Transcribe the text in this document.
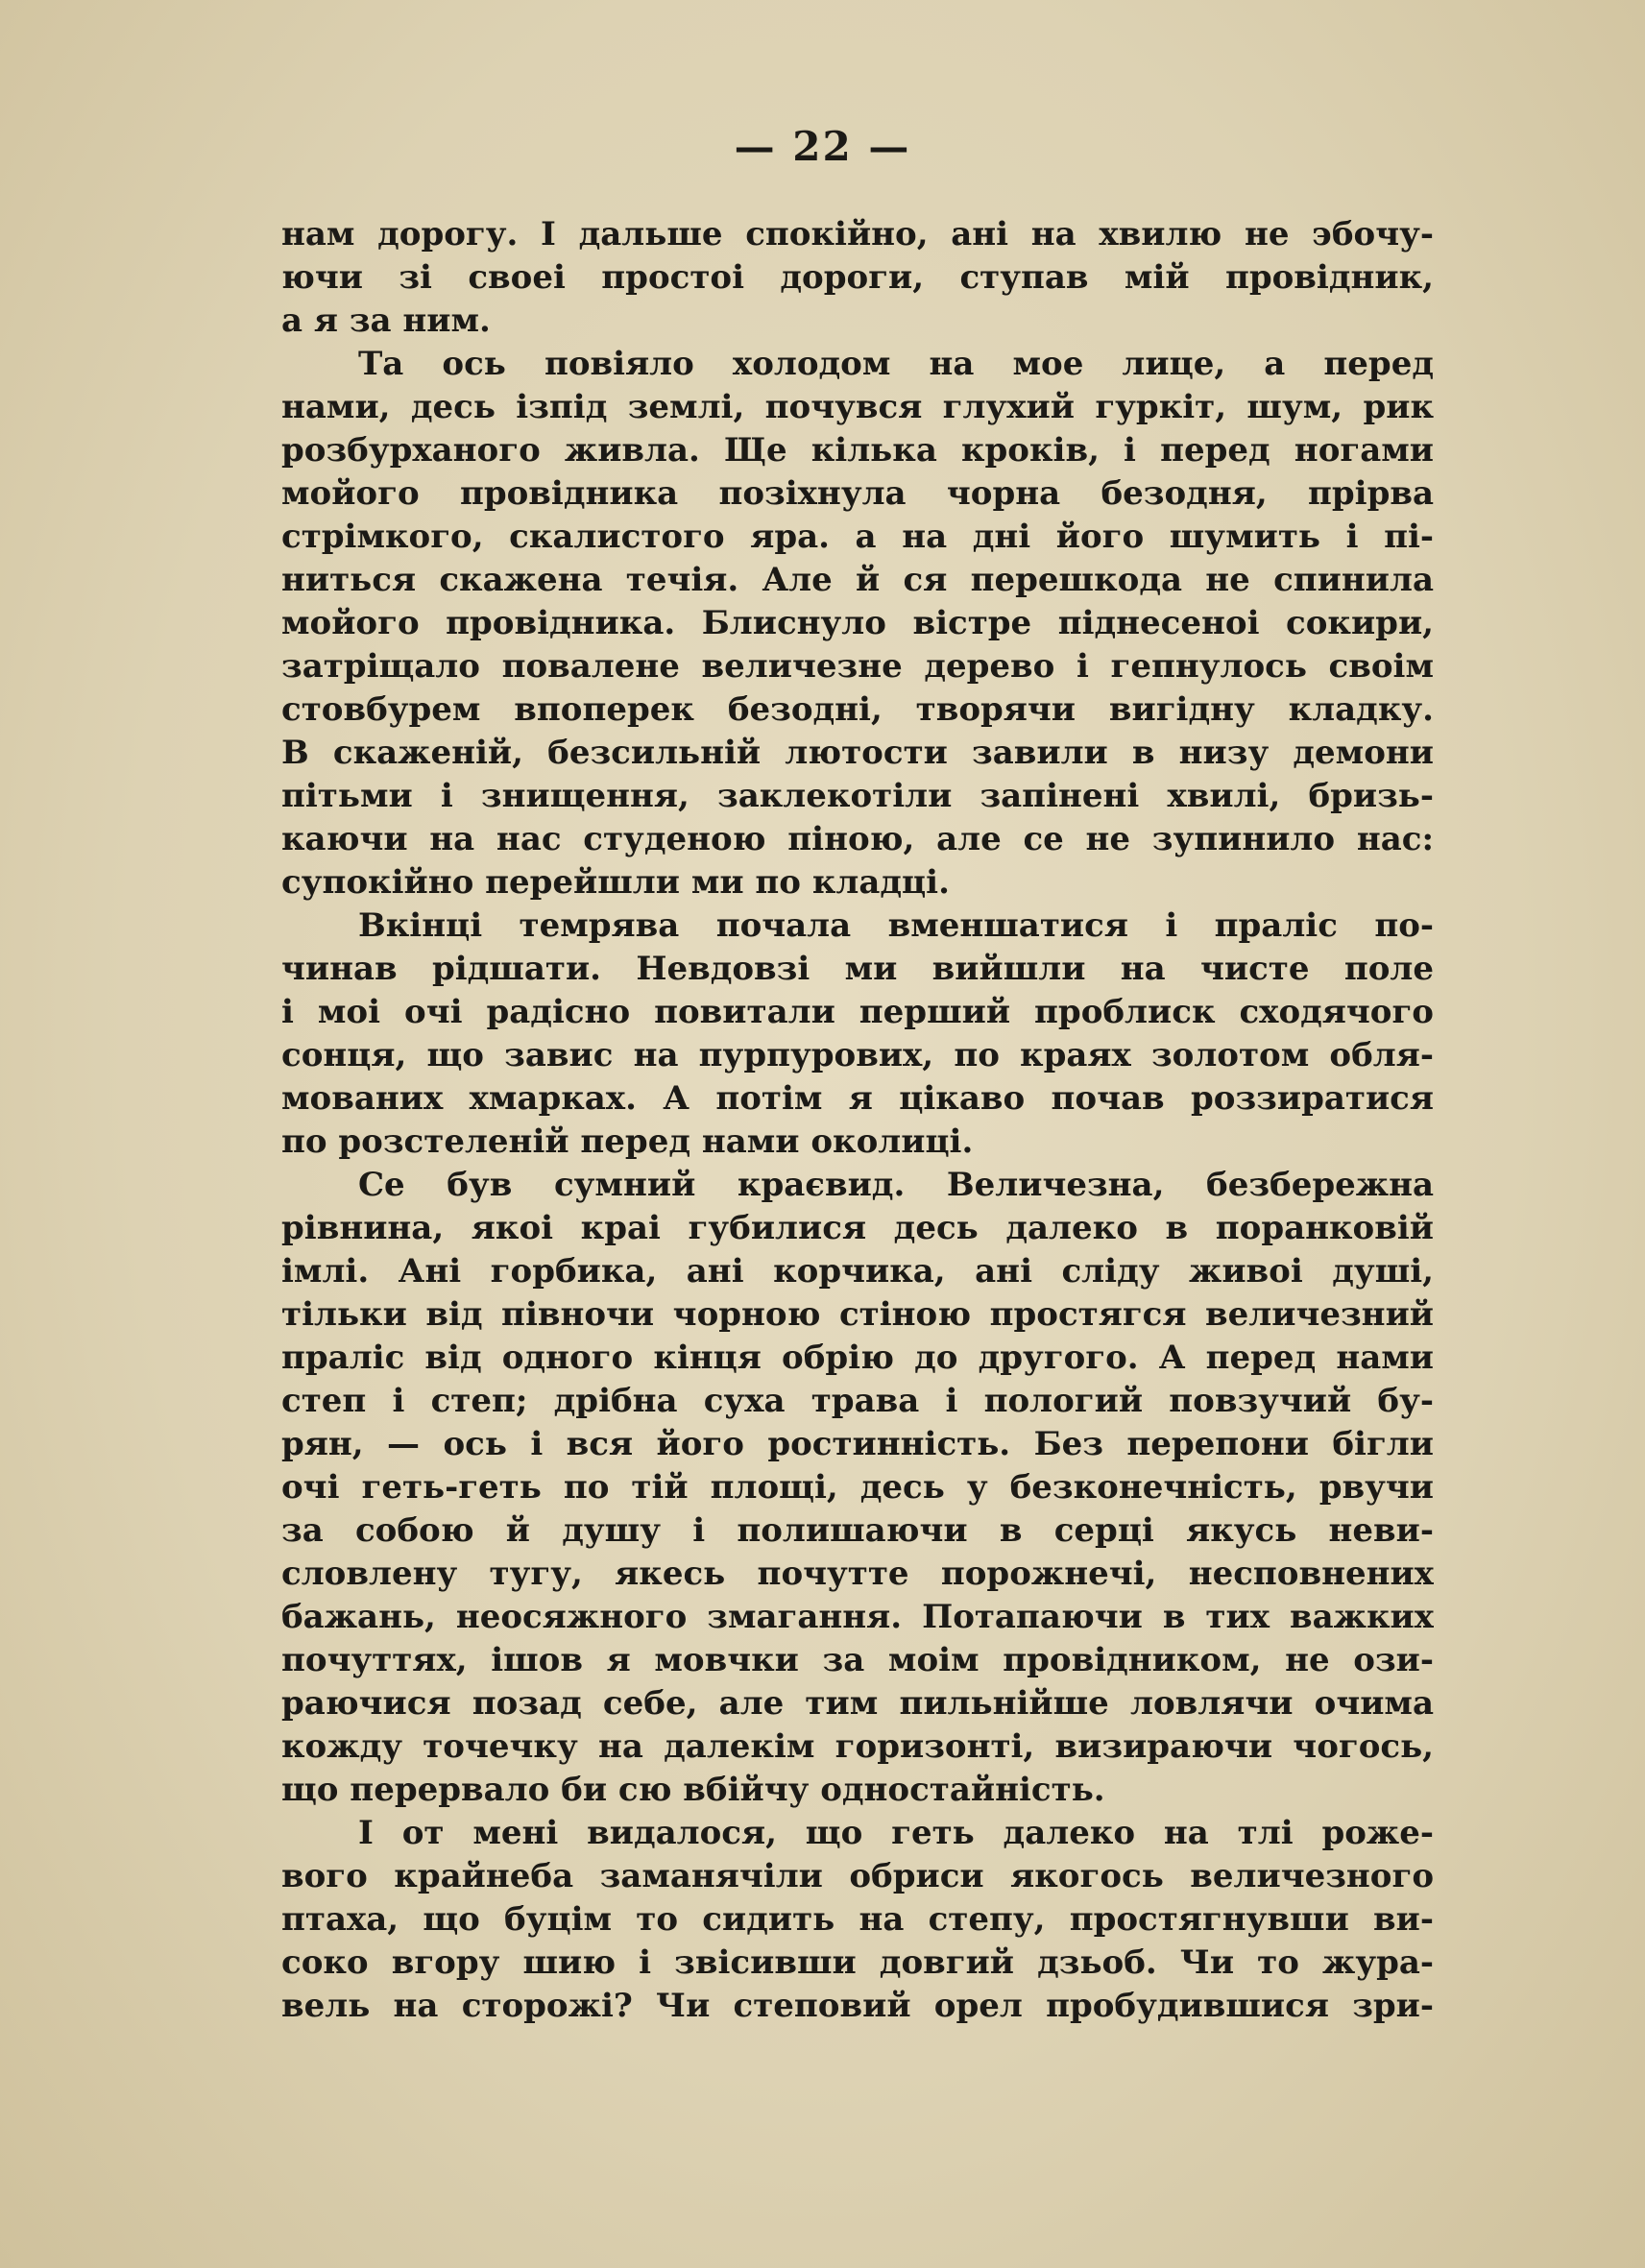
— 22 —
нам дорогу. І дальше спокійно, ані на хвилю не эбочу-
ючи зі своеі простоі дороги, ступав мій провідник,
а я за ним.
Та ось повіяло холодом на мое лице, а перед
нами, десь ізпід землі, почувся глухий гуркіт, шум, рик
розбурханого живла. Ще кілька кроків, і перед ногами
мойого провідника позіхнула чорна безодня, прірва
стрімкого, скалистого яра. а на дні його шумить і пі-
ниться скажена течія. Але й ся перешкода не спинила
мойого провідника. Блиснуло вістре піднесеноі сокири,
затріщало повалене величезне дерево і гепнулось своім
стовбурем впоперек безодні, творячи вигідну кладку.
В скаженій, безсильній лютости завили в низу демони
пітьми і знищення, заклекотіли запінені хвилі, бризь-
каючи на нас студеною піною, але се не зупинило нас:
супокійно перейшли ми по кладці.
Вкінці темрява почала вменшатися і праліс по-
чинав рідшати. Невдовзі ми вийшли на чисте поле
і моі очі радісно повитали перший проблиск сходячого
сонця, що завис на пурпурових, по краях золотом обля-
мованих хмарках. А потім я цікаво почав роззиратися
по розстеленій перед нами околиці.
Се був сумний краєвид. Величезна, безбережна
рівнина, якоі краі губилися десь далеко в поранковій
імлі. Ані горбика, ані корчика, ані сліду живоі душі,
тільки від півночи чорною стіною простягся величезний
праліс від одного кінця обрію до другого. А перед нами
степ і степ; дрібна суха трава і пологий повзучий бу-
рян, — ось і вся його ростинність. Без перепони бігли
очі геть-геть по тій площі, десь у безконечність, рвучи
за собою й душу і полишаючи в серці якусь неви-
словлену тугу, якесь почутте порожнечі, несповнених
бажань, неосяжного змагання. Потапаючи в тих важких
почуттях, ішов я мовчки за моім провідником, не ози-
раючися позад себе, але тим пильнійше ловлячи очима
кожду точечку на далекім горизонті, визираючи чогось,
що перервало би сю вбійчу одностайність.
І от мені видалося, що геть далеко на тлі роже-
вого крайнеба заманячіли обриси якогось величезного
птаха, що буцім то сидить на степу, простягнувши ви-
соко вгору шию і звісивши довгий дзьоб. Чи то жура-
вель на сторожі? Чи степовий орел пробудившися зри-
